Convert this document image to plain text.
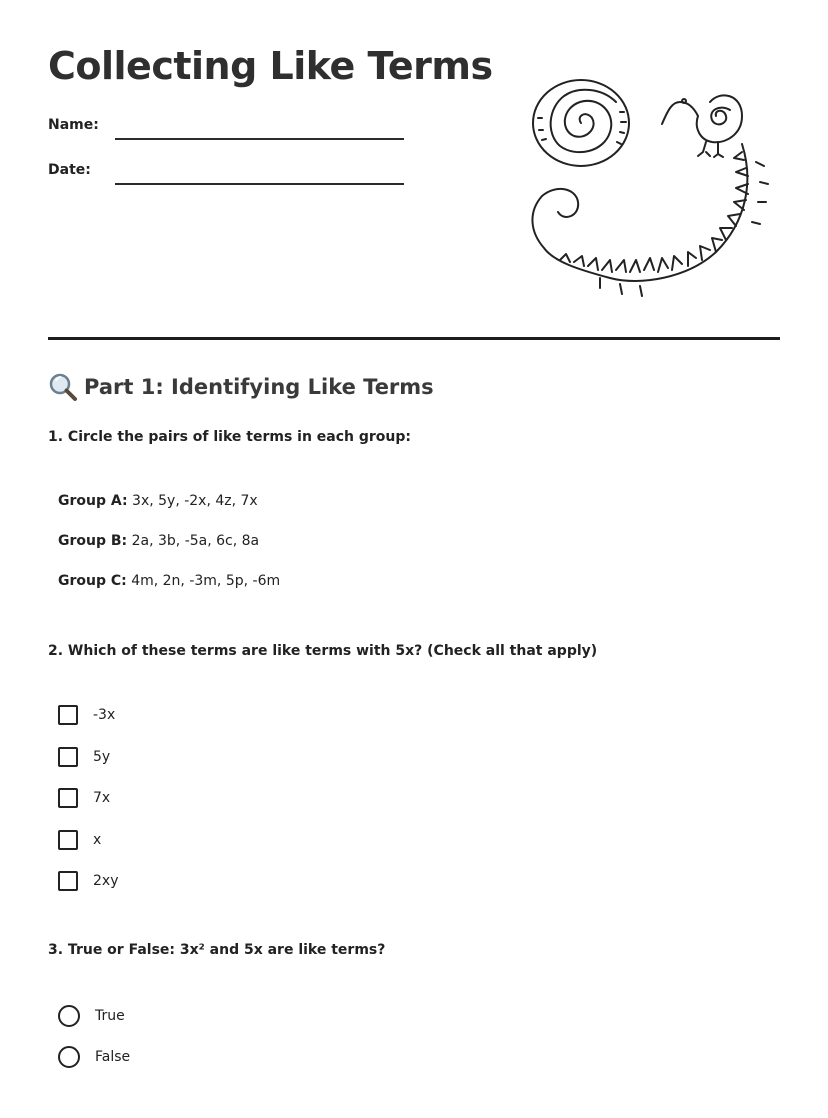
Collecting Like Terms
Name:
Date:
Part 1: Identifying Like Terms

1. Circle the pairs of like terms in each group:

Group A: 3x, 5y, -2x, 4z, 7x
Group B: 2a, 3b, -5a, 6c, 8a
Group C: 4m, 2n, -3m, 5p, -6m

2. Which of these terms are like terms with 5x? (Check all that apply)

-3x
5y
7x
x
2xy

3. True or False: 3x² and 5x are like terms?

True
False
